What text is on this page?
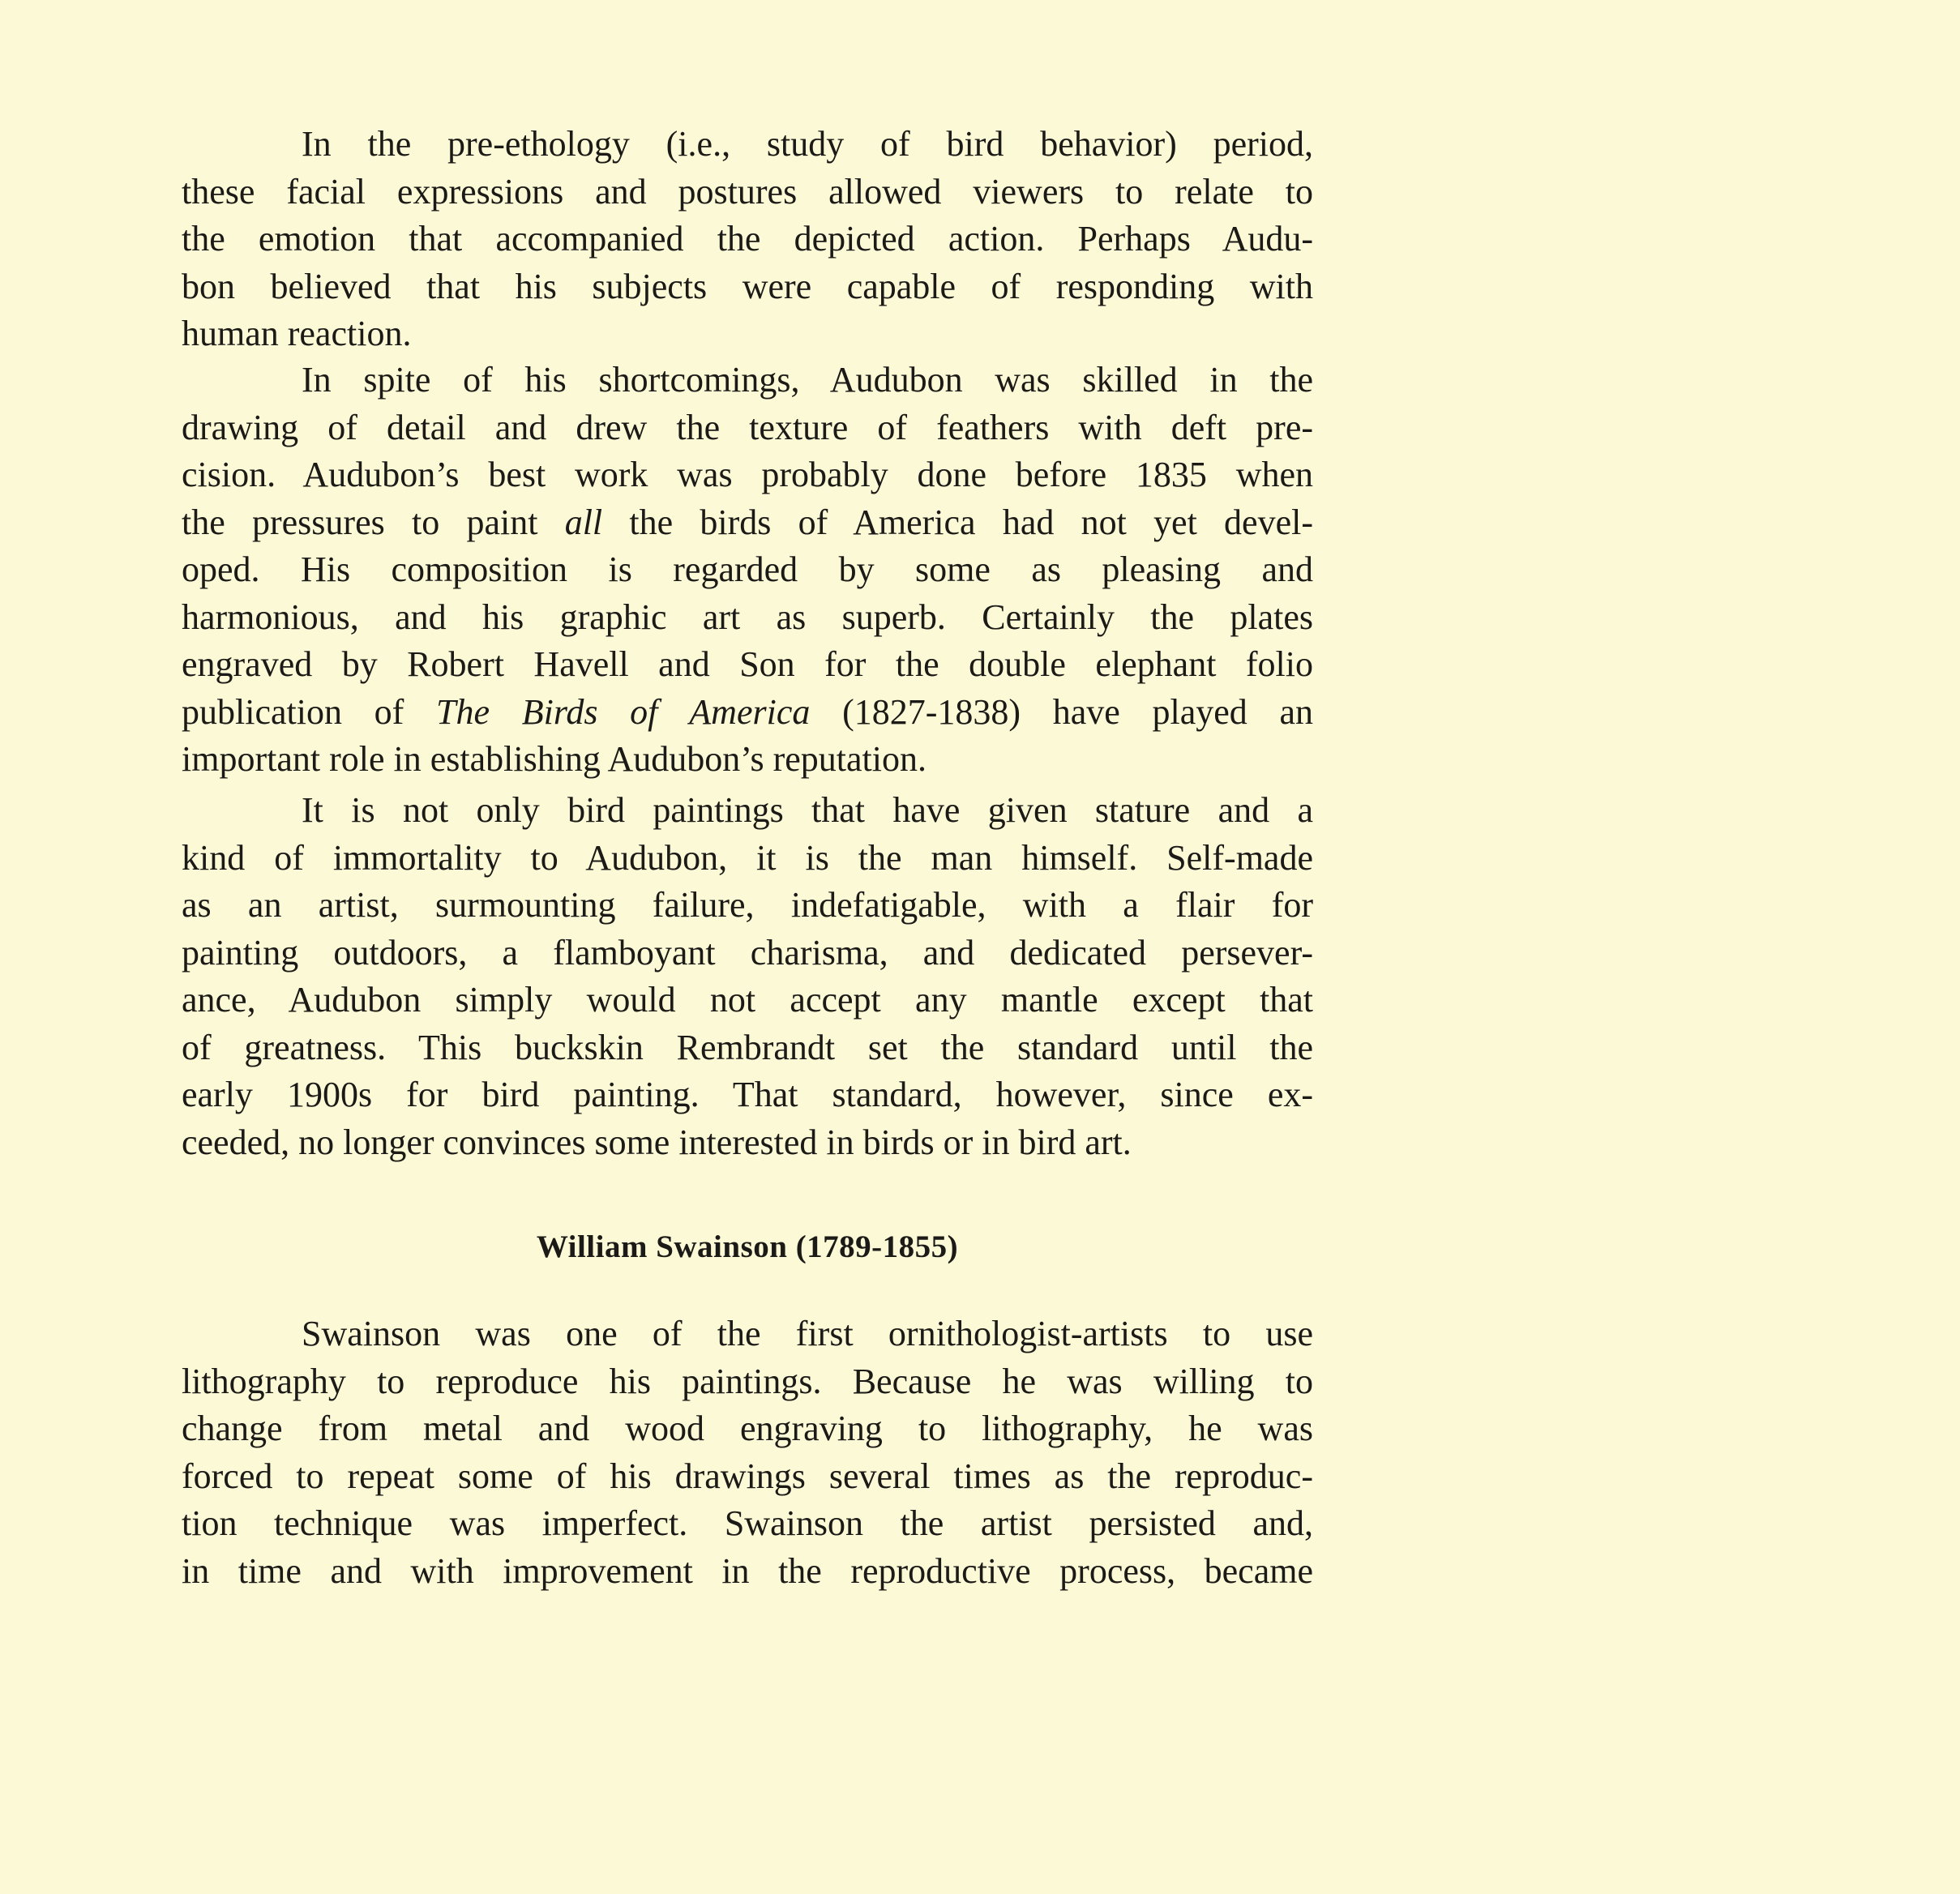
In the pre-ethology (i.e., study of bird behavior) period,
these facial expressions and postures allowed viewers to relate to
the emotion that accompanied the depicted action. Perhaps Audu-
bon believed that his subjects were capable of responding with
human reaction.
In spite of his shortcomings, Audubon was skilled in the
drawing of detail and drew the texture of feathers with deft pre-
cision. Audubon’s best work was probably done before 1835 when
the pressures to paint all the birds of America had not yet devel-
oped. His composition is regarded by some as pleasing and
harmonious, and his graphic art as superb. Certainly the plates
engraved by Robert Havell and Son for the double elephant folio
publication of The Birds of America (1827-1838) have played an
important role in establishing Audubon’s reputation.
It is not only bird paintings that have given stature and a
kind of immortality to Audubon, it is the man himself. Self-made
as an artist, surmounting failure, indefatigable, with a flair for
painting outdoors, a flamboyant charisma, and dedicated persever-
ance, Audubon simply would not accept any mantle except that
of greatness. This buckskin Rembrandt set the standard until the
early 1900s for bird painting. That standard, however, since ex-
ceeded, no longer convinces some interested in birds or in bird art.
William Swainson (1789-1855)
Swainson was one of the first ornithologist-artists to use
lithography to reproduce his paintings. Because he was willing to
change from metal and wood engraving to lithography, he was
forced to repeat some of his drawings several times as the reproduc-
tion technique was imperfect. Swainson the artist persisted and,
in time and with improvement in the reproductive process, became
